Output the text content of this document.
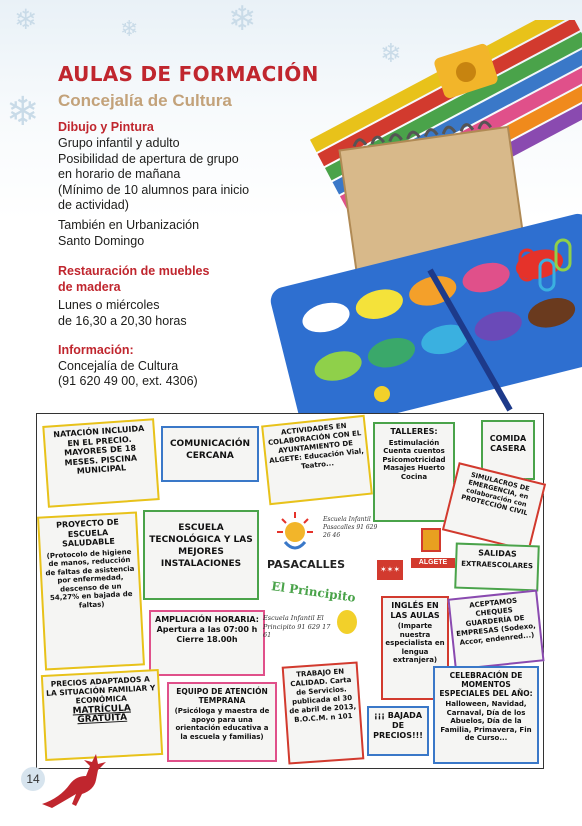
❄	❄	❄
❄
❄
AULAS DE FORMACIÓN
Concejalía de Cultura
Dibujo y Pintura
Grupo infantil y adulto
Posibilidad de apertura de grupo
en horario de mañana
(Mínimo de 10 alumnos para inicio
de actividad)
También en Urbanización
Santo Domingo
Restauración de muebles
de madera
Lunes o miércoles
de 16,30 a 20,30 horas
Información:
Concejalía de Cultura
(91 620 49 00, ext. 4306)
NATACIÓN INCLUIDA EN EL PRECIO. MAYORES DE 18 MESES. PISCINA MUNICIPAL
COMUNICACIÓN CERCANA
ACTIVIDADES EN COLABORACIÓN CON EL AYUNTAMIENTO DE ALGETE: Educación Vial, Teatro...
TALLERES:
Estimulación Cuenta cuentos Psicomotricidad Masajes Huerto Cocina
COMIDA CASERA
SIMULACROS DE EMERGENCIA, en colaboración con PROTECCIÓN CIVIL
PROYECTO DE ESCUELA SALUDABLE
(Protocolo de higiene de manos, reducción de faltas de asistencia por enfermedad, descenso de un 54,27% en bajada de faltas)
ESCUELA TECNOLÓGICA Y LAS MEJORES INSTALACIONES
Escuela Infantil Pasacalles 91 629 26 46
PASACALLES	ALGETE
✶✶✶
SALIDAS
EXTRAESCOLARES
AMPLIACIÓN HORARIA: Apertura a las 07:00 h Cierre 18.00h
El Principito
Escuela Infantil El Principito 91 629 17 61
INGLÉS EN LAS AULAS
(Imparte nuestra especialista en lengua extranjera)
ACEPTAMOS CHEQUES GUARDERÍA DE EMPRESAS (Sodexo, Accor, endenred...)
PRECIOS ADAPTADOS A LA SITUACIÓN FAMILIAR Y ECONÓMICA
MATRÍCULA GRATUITA
EQUIPO DE ATENCIÓN TEMPRANA
(Psicóloga y maestra de apoyo para una orientación educativa a la escuela y familias)
TRABAJO EN CALIDAD. Carta de Servicios. publicada el 30 de abril de 2013, B.O.C.M. n 101	¡¡¡ BAJADA DE PRECIOS!!!
CELEBRACIÓN DE MOMENTOS ESPECIALES DEL AÑO:
Halloween, Navidad, Carnaval, Día de los Abuelos, Día de la Familia, Primavera, Fin de Curso...
14
